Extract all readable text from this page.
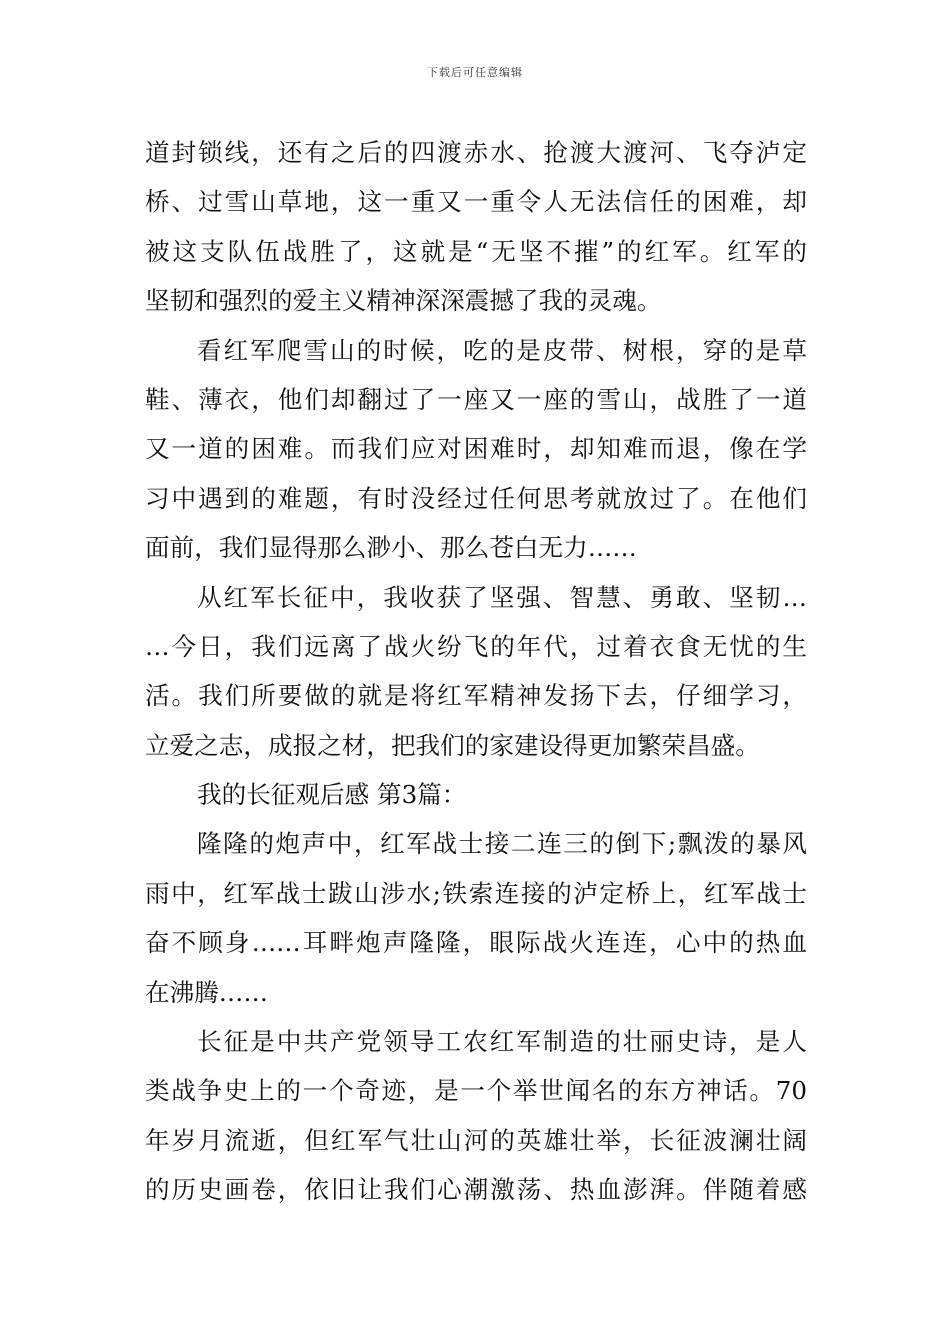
下载后可任意编辑
道封锁线，还有之后的四渡赤水、抢渡大渡河、飞夺泸定
桥、过雪山草地，这一重又一重令人无法信任的困难，却
被这支队伍战胜了，这就是“无坚不摧”的红军。红军的
坚韧和强烈的爱主义精神深深震撼了我的灵魂。
看红军爬雪山的时候，吃的是皮带、树根，穿的是草
鞋、薄衣，他们却翻过了一座又一座的雪山，战胜了一道
又一道的困难。而我们应对困难时，却知难而退，像在学
习中遇到的难题，有时没经过任何思考就放过了。在他们
面前，我们显得那么渺小、那么苍白无力……
从红军长征中，我收获了坚强、智慧、勇敢、坚韧…
…今日，我们远离了战火纷飞的年代，过着衣食无忧的生
活。我们所要做的就是将红军精神发扬下去，仔细学习，
立爱之志，成报之材，把我们的家建设得更加繁荣昌盛。
我的长征观后感 第3篇：
隆隆的炮声中，红军战士接二连三的倒下;飘泼的暴风
雨中，红军战士跋山涉水;铁索连接的泸定桥上，红军战士
奋不顾身……耳畔炮声隆隆，眼际战火连连，心中的热血
在沸腾……
长征是中共产党领导工农红军制造的壮丽史诗，是人
类战争史上的一个奇迹，是一个举世闻名的东方神话。70
年岁月流逝，但红军气壮山河的英雄壮举，长征波澜壮阔
的历史画卷，依旧让我们心潮激荡、热血澎湃。伴随着感
